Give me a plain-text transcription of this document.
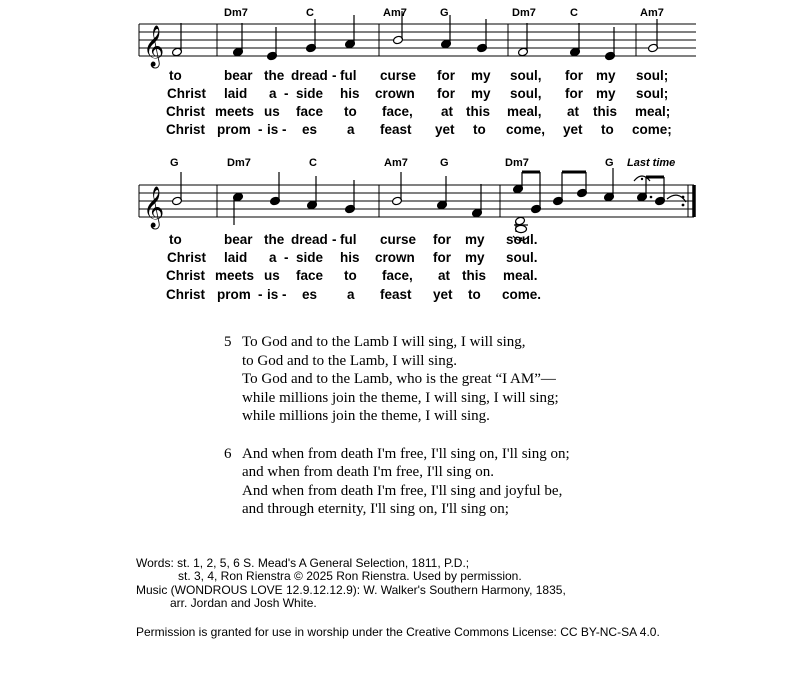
𝄞
Dm7	C	Am7	G	Dm7	C	Am7
to	bear the dread - ful curse for my soul, for my soul;
Christ laid a - side his crown for my soul, for my soul;
Christ meets us face to face, at this meal, at this meal;
Christ prom - is - es a feast yet to come, yet to come;
𝄞
G	Dm7	C	Am7	G	Dm7	G Last time
to	bear the dread - ful curse for my soul.
Christ laid a - side his crown for my soul.
Christ meets us face to face, at this meal.
Christ prom - is - es a feast yet to come.
5 To God and to the Lamb I will sing, I will sing,
to God and to the Lamb, I will sing.
To God and to the Lamb, who is the great “I AM”—
while millions join the theme, I will sing, I will sing;
while millions join the theme, I will sing.
6 And when from death I'm free, I'll sing on, I'll sing on;
and when from death I'm free, I'll sing on.
And when from death I'm free, I'll sing and joyful be,
and through eternity, I'll sing on, I'll sing on;
Words: st. 1, 2, 5, 6 S. Mead's A General Selection, 1811, P.D.;
st. 3, 4, Ron Rienstra © 2025 Ron Rienstra. Used by permission.
Music (WONDROUS LOVE 12.9.12.12.9): W. Walker's Southern Harmony, 1835,
arr. Jordan and Josh White.
Permission is granted for use in worship under the Creative Commons License: CC BY-NC-SA 4.0.
